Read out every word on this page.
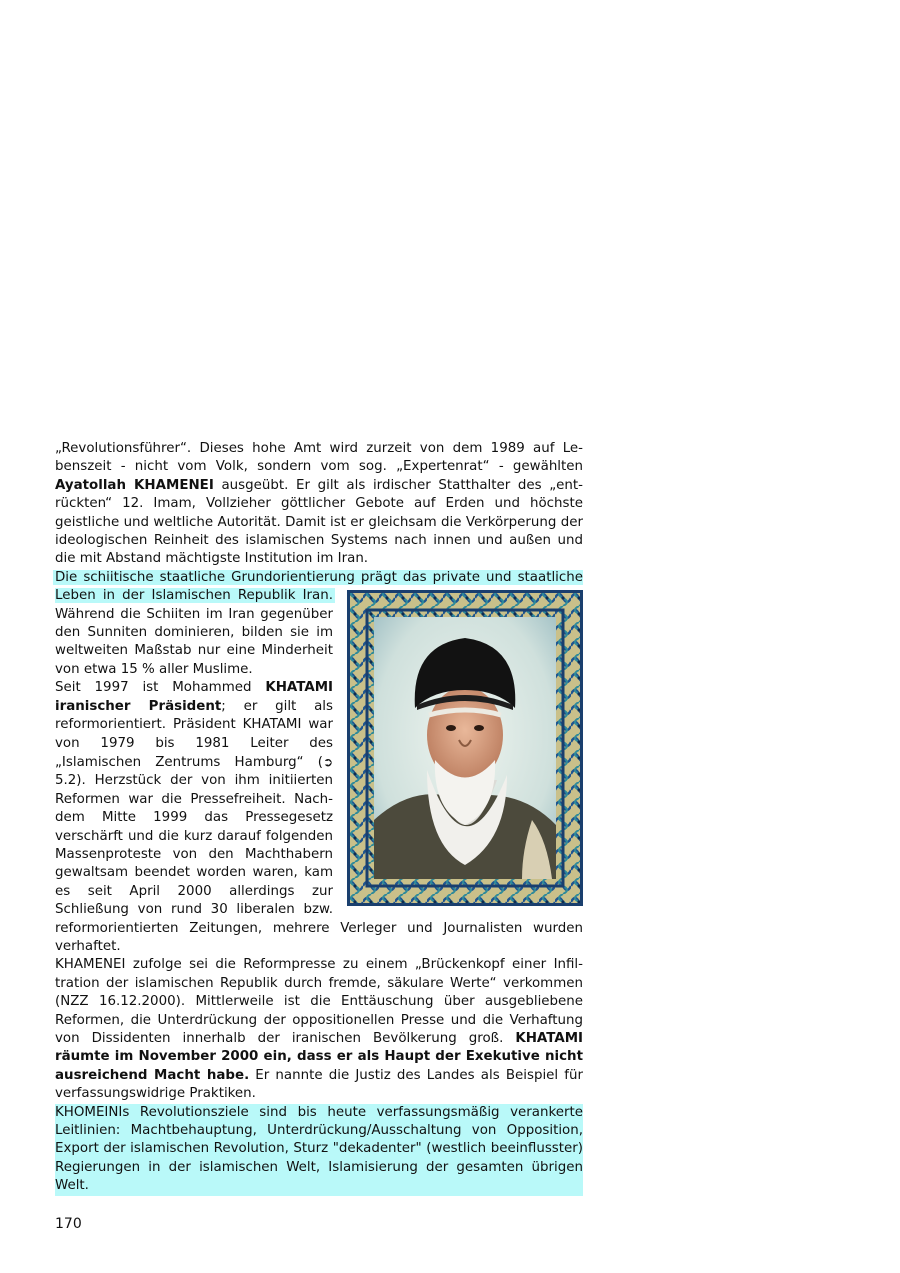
„Revolutionsführer“. Dieses hohe Amt wird zurzeit von dem 1989 auf Lebenszeit - nicht vom Volk, sondern vom sog. „Expertenrat“ - gewählten Ayatollah KHAMENEI ausgeübt. Er gilt als irdischer Statthalter des „entrückten“ 12. Imam, Vollzieher göttlicher Gebote auf Erden und höchste geistliche und weltliche Autorität. Damit ist er gleichsam die Verkörperung der ideologischen Reinheit des islamischen Systems nach innen und außen und die mit Abstand mächtigste Institution im Iran.

Die schiitische staatliche Grundorientierung prägt das private und staatliche Leben in der Islamischen Republik Iran.
Während die Schiiten im Iran gegenüber den Sunniten dominieren, bilden sie im weltweiten Maßstab nur eine Minderheit von etwa 15 % aller Muslime.

Seit 1997 ist Mohammed KHATAMI iranischer Präsident; er gilt als reformorientiert. Präsident KHATAMI war von 1979 bis 1981 Leiter des „Islamischen Zentrums Hamburg“ (➲ 5.2). Herzstück der von ihm initiierten Reformen war die Pressefreiheit. Nachdem Mitte 1999 das Pressegesetz verschärft und die kurz darauf folgenden Massenproteste von den Machthabern gewaltsam beendet worden waren, kam es seit April 2000 allerdings zur Schließung von rund 30 liberalen bzw. reformorientierten Zeitungen, mehrere Verleger und Journalisten wurden verhaftet.

KHAMENEI zufolge sei die Reformpresse zu einem „Brückenkopf einer Infiltration der islamischen Republik durch fremde, säkulare Werte“ verkommen (NZZ 16.12.2000). Mittlerweile ist die Enttäuschung über ausgebliebene Reformen, die Unterdrückung der oppositionellen Presse und die Verhaftung von Dissidenten innerhalb der iranischen Bevölkerung groß. KHATAMI räumte im November 2000 ein, dass er als Haupt der Exekutive nicht ausreichend Macht habe. Er nannte die Justiz des Landes als Beispiel für verfassungswidrige Praktiken.

KHOMEINIs Revolutionsziele sind bis heute verfassungsmäßig verankerte Leitlinien: Machtbehauptung, Unterdrückung/Ausschaltung von Opposition, Export der islamischen Revolution, Sturz "dekadenter" (westlich beeinflusster) Regierungen in der islamischen Welt, Islamisierung der gesamten übrigen Welt.

170
